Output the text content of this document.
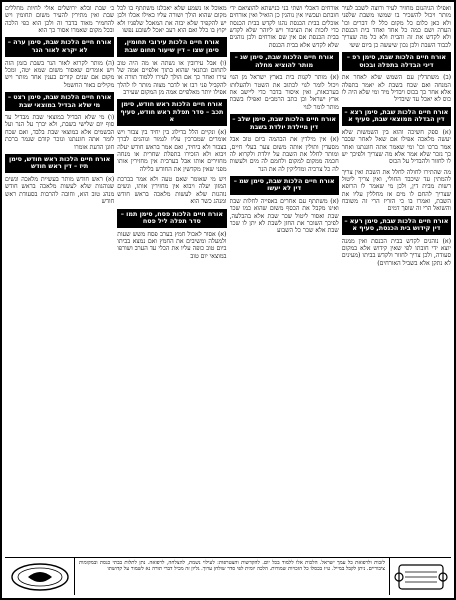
ואפילו הגיהנום מחזיר לעיר ורוצה לשכב לעיר מותר ויכול להשכיר בו שמשו משבת שלפני ולא כאן כלום כל מקום כלל לו דברים וכו' הערה ושם כמה כל אחד ואחד בית הכנסת ולא לקדש את זה והבית ולא כל מה שצריך לכבוד השבת ולכן נכון שיעשה כן ביום ששי
אורח חיים הלכות שבת, סימן רפ – דיני הבדלה בתפלה ובכוס
(ב) משתדלין עם השמש שלא לאחר את המנחה ואם שכח בשבת לא יאמר בתפלה אלא אחר כך בכוס ויבדיל מיד ומי שלא היה לו כוס לא יאכל עד שיבדיל
אורח חיים הלכות שבת, סימן רצא – דין הבדלה ממוצאי שבת, סעיף א
(א) ספק חשיכה והוא בין השמשות שלא יעשה מלאכה אפילו אם שאל לאחר שכבר אמר ברכו וכו' ומי שאמר אתה חוננתנו ואחר כך נזכר שלא אמר אלא מה שצריך ולפיכך יש לו לחזור ולהבדיל על הכוס
מה שהתירו לחולה לחלל את השבת ואין צריך להמתין עד שיכבד החולי, ואין צריך ליטול רשות מבית דין, ולכן מי שאמר לו הרופא שצריך להחם לו מים אז מחללין עליו את השבת, ואמרו בו כי הזריז הרי זה משובח והשואל הרי זה שופך דמים
אורח חיים הלכות שבת, סימן רעא – דין קידוש בית הכנסת, סעיף א
(א) נוהגים לקדש בבית הכנסת ואין ממנה יוצא ידי חובתו לפי שאין קידוש אלא במקום סעודה, ולכן צריך לחזור ולקדש בביתו (מעינים לא נתקן אלא בשביל האורחים)
אורחים דאכלי ושתי בני כנישתא להוציאם ידי חובתם ועכשיו אין נוהגין כן הואיל ואין אורחים אוכלים בבית הכנסת נהגו לקדש בבית הכנסת כדי לזכות את הציבור ויש ליזהר שלא לקדש בבית הכנסת אם אין שם אורחים ולכן נוהגים שלא לקדש אלא בבית הכנסת
אורח חיים הלכות שבת, סימן שנ – מותר להוציא מחלה
(א) מותר לקנות בית בארץ ישראל מן הגוי ויכול לומר לגוי לכתוב את השטר ולהעלותו בערכאות, ואין איסור בדבר כדי ליישב את ארץ ישראל וכן כתב הרמב״ם ואפילו בשבת מותר לומר לגוי
אורח חיים הלכות שבת, סימן שלב – דין מיילדת יולדת בשבת
(א) אין מילדין את הבהמה ביום טוב אבל מסעדין ותולין אותה משום צער בעלי חיים, ומותר לחלל את השבת על יולדת ולקרוא לה חכמה ממקום למקום ולחמם לה מים ולעשות לה כל צרכיה ומדליקין לה את הנר
אורח חיים הלכות שבת, סימן שמ – דין לא יעשו
(א) משתתף עם אחרים באפייה לחלות שבת ואינו מקבל את הכסף משום שהוא כמו שכר שבת ואסור ליטול שכר שבת אלא בהבלעה, לפיכך השוכר את החזן לשבת לא יתן לו שכר שבת אלא שכר כל השבוע
מאוכל או נשמע שלא יאכלנו משתתף בו לכל מקום שהוא הולך ושורה עליו כאילו אכלו ולכן יש להקפיד שלא יבזה את המאכל שלפניו ולא יקוץ בו כלל ואם הוא רעב יאכל לשובע נפשו
אורח חיים הלכות עירובי תחומין, סימן שצו – דין שיעור תחום שבת
(ו) אבל עירובין או נשתה או מה היה טוב לתחום ובתנאי שהוא בתוך אלפיים אמה של עירו ואחר כך אם הולך לעירו ללמוד תורה או להקביל פני רבו או לדבר מצוה מותר לו להלך אפילו יותר מאלפיים אמה מן המקום שעירב
אורח חיים הלכות ראש חודש, סימן תכב – סדר תפלת ראש חודש, סעיף א
(א) ונקיים הלל בדילוג בין יחיד בין צבור ויש אומרים שמברכין עליו לגמור ונוהגים לברך בצבור ולא ביחיד, ואם אמר בראש חודש יעלה ויבוא ולא הזכירו בתפלת שחרית או מנחה מחזירים אותו אבל בערבית אין מחזירין אותו מפני שאין מקדשין את החודש בלילה
ויש מי שאומר שאם טעה ולא אמר בברכת המזון יעלה ויבוא אין מחזירין אותו, ונשים נוהגות שלא לעשות מלאכה בראש חודש ומנהג כשר הוא
אורח חיים הלכות פסח, סימן תמו – סדר תפלה ליל פסח
(א) אסור לאכול חמץ בערב פסח משש שעות ולמעלה ומשיבים את החמץ ואם נמצא בביתו ביום טוב כופה עליו את הכלי עד הערב ושורפו במוצאי יום טוב
כ׳ שבת ובלא ירושלים אולי לחיות מחללים שבת ואין מתירין להעיר משום תחומין ויש להחמיר מאוד בדבר זה ולכן הוא כפי הלכה ובכל מקום שאמרו אסור כך הוא
אורח חיים הלכות שבת, סימן ערה – לא יקרא לאור הנר
(ה) מותר לקרוא לאור הנר בשבת בזמן הזה ויש אומרים שאסור משום שמא יטה, ומכל מקום אם שנים קורים בענין אחד מותר ויש מקילים באור החשמל
אורח חיים הלכות שבת, סימן רצט – מי שלא הבדיל במוצאי שבת
(ו) מי שלא הבדיל במוצאי שבת מבדיל עד סוף יום שלישי בשבת, ולא יברך על הנר ועל הבשמים אלא במוצאי שבת בלבד, ואם שכח לומר אתה חוננתנו ונזכר קודם שגמר ברכת חונן הדעת אומרו
אורח חיים הלכות ראש חודש, סימן תיז – דין ראש חודש
(א) ראש חודש מותר בעשיית מלאכה ונשים שנוהגות שלא לעשות מלאכה בראש חודש מנהג טוב הוא, וחובה להרבות בסעודת ראש חודש
לזכות ולרפואת כל עמך ישראל. הלכות אלו ללמוד בכל יום. להקדשות והצטרפות: לעילוי נשמת, להצלחה, לרפואה. נתן לתלות בבתי כנסת ובמקומות ציבוריים. ניתן לקבל במייל. ט״ז בכסלו כל הזכויות שמורות. הלכה יומית לפי סדר שולחן ערוך. גליון זה מכיל דברי תורה נא לשמור על קדושתו
